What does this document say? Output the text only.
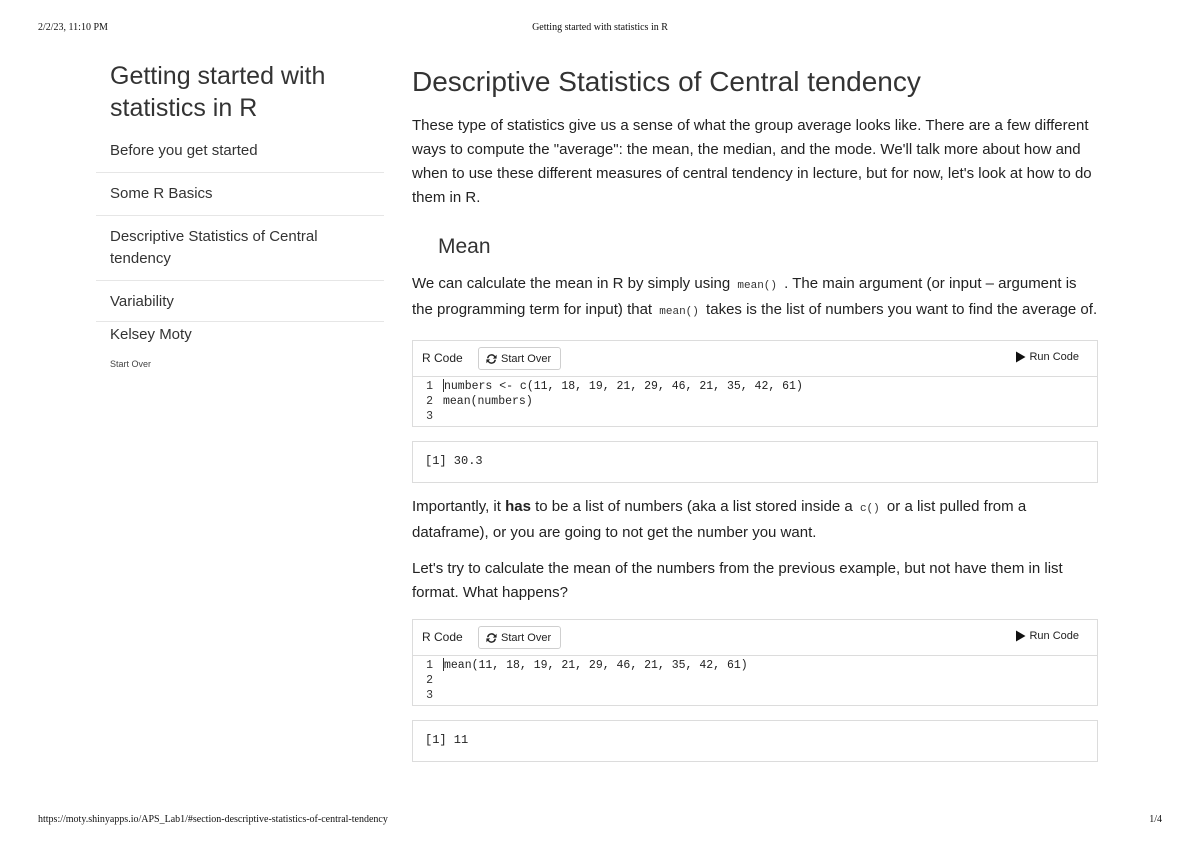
2/2/23, 11:10 PM	Getting started with statistics in R
Getting started with statistics in R
Before you get started
Some R Basics
Descriptive Statistics of Central tendency
Variability
Kelsey Moty
Start Over
Descriptive Statistics of Central tendency

These type of statistics give us a sense of what the group average looks like. There are a few different ways to compute the "average": the mean, the median, and the mode. We'll talk more about how and when to use these different measures of central tendency in lecture, but for now, let's look at how to do them in R.

Mean

We can calculate the mean in R by simply using mean() . The main argument (or input – argument is the programming term for input) that mean() takes is the list of numbers you want to find the average of.

R Code	Start Over	Run Code
1 numbers <- c(11, 18, 19, 21, 29, 46, 21, 35, 42, 61)
2 mean(numbers)
3
[1] 30.3

Importantly, it has to be a list of numbers (aka a list stored inside a c() or a list pulled from a dataframe), or you are going to not get the number you want.

Let's try to calculate the mean of the numbers from the previous example, but not have them in list format. What happens?

R Code	Start Over	Run Code
1 mean(11, 18, 19, 21, 29, 46, 21, 35, 42, 61)
2
3
[1] 11
https://moty.shinyapps.io/APS_Lab1/#section-descriptive-statistics-of-central-tendency	1/4
